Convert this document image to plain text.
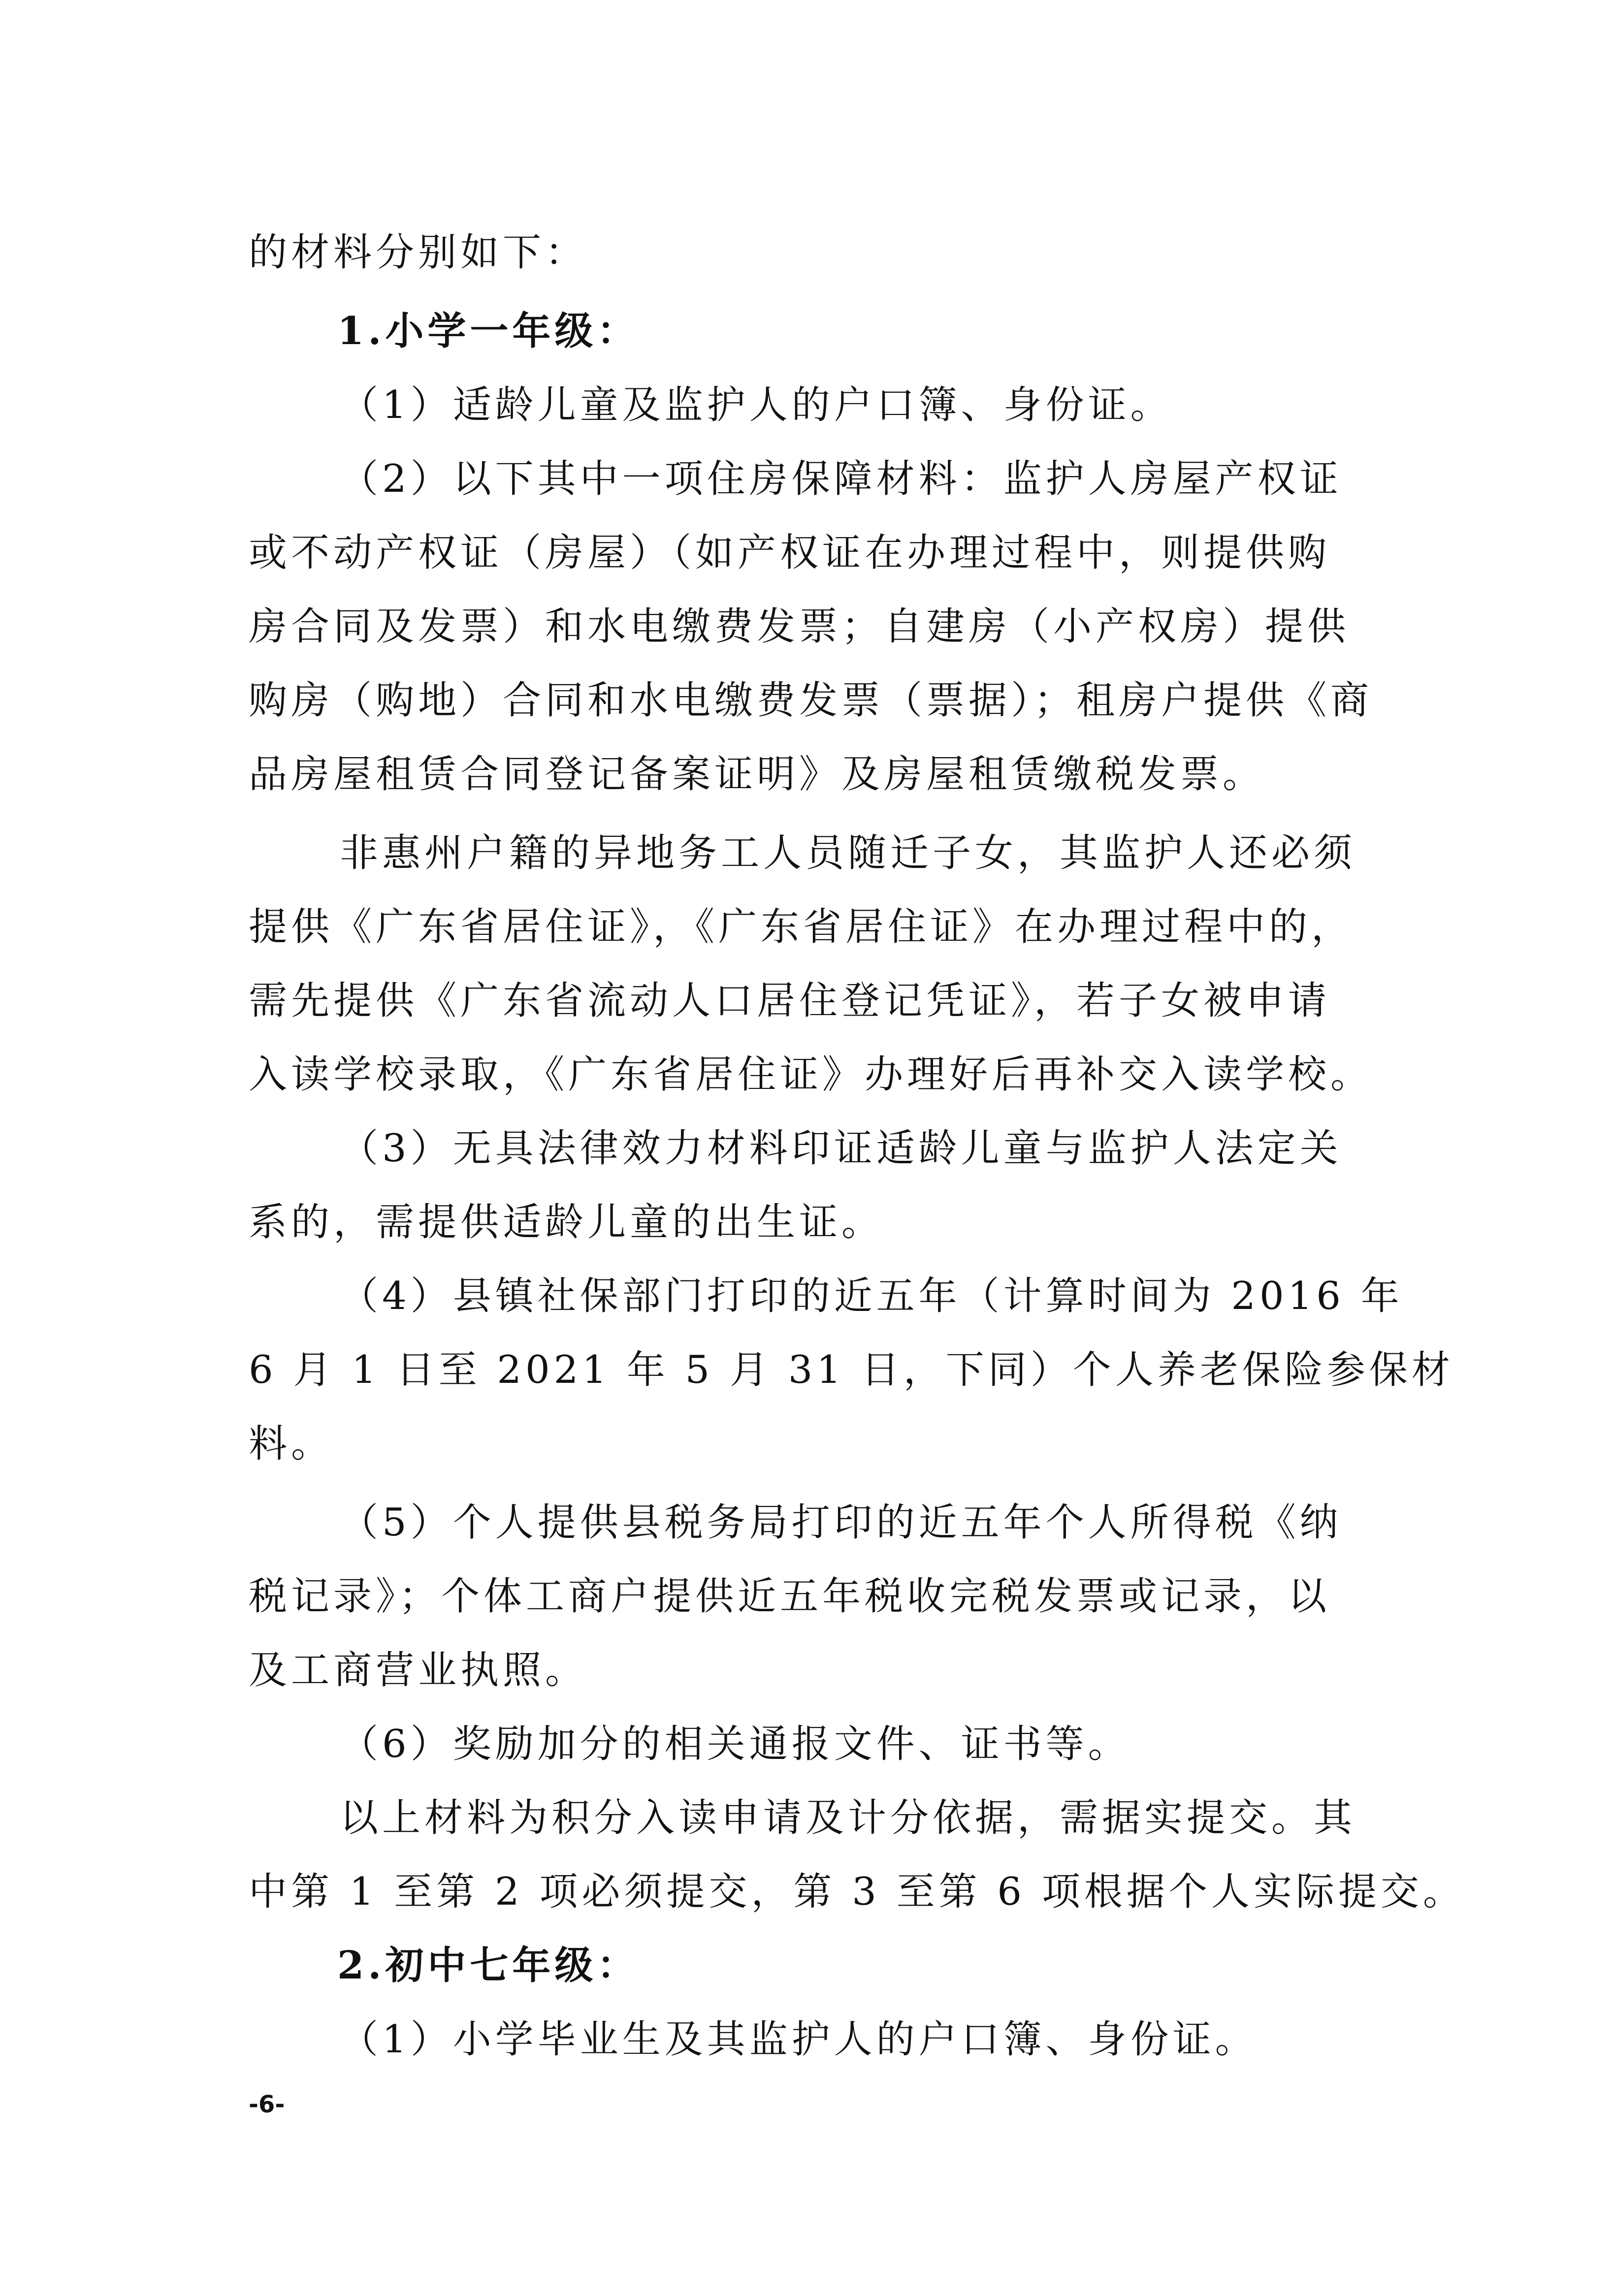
的材料分别如下：
1.小学一年级：
（1）适龄儿童及监护人的户口簿、身份证。
（2）以下其中一项住房保障材料：监护人房屋产权证
或不动产权证（房屋）（如产权证在办理过程中，则提供购
房合同及发票）和水电缴费发票；自建房（小产权房）提供
购房（购地）合同和水电缴费发票（票据）；租房户提供《商
品房屋租赁合同登记备案证明》及房屋租赁缴税发票。
非惠州户籍的异地务工人员随迁子女，其监护人还必须
提供《广东省居住证》，《广东省居住证》在办理过程中的，
需先提供《广东省流动人口居住登记凭证》，若子女被申请
入读学校录取，《广东省居住证》办理好后再补交入读学校。
（3）无具法律效力材料印证适龄儿童与监护人法定关
系的，需提供适龄儿童的出生证。
（4）县镇社保部门打印的近五年（计算时间为 2016 年
6 月 1 日至 2021 年 5 月 31 日，下同）个人养老保险参保材
料。
（5）个人提供县税务局打印的近五年个人所得税《纳
税记录》；个体工商户提供近五年税收完税发票或记录，以
及工商营业执照。
（6）奖励加分的相关通报文件、证书等。
以上材料为积分入读申请及计分依据，需据实提交。其
中第 1 至第 2 项必须提交，第 3 至第 6 项根据个人实际提交。
2.初中七年级：
（1）小学毕业生及其监护人的户口簿、身份证。
-6-
